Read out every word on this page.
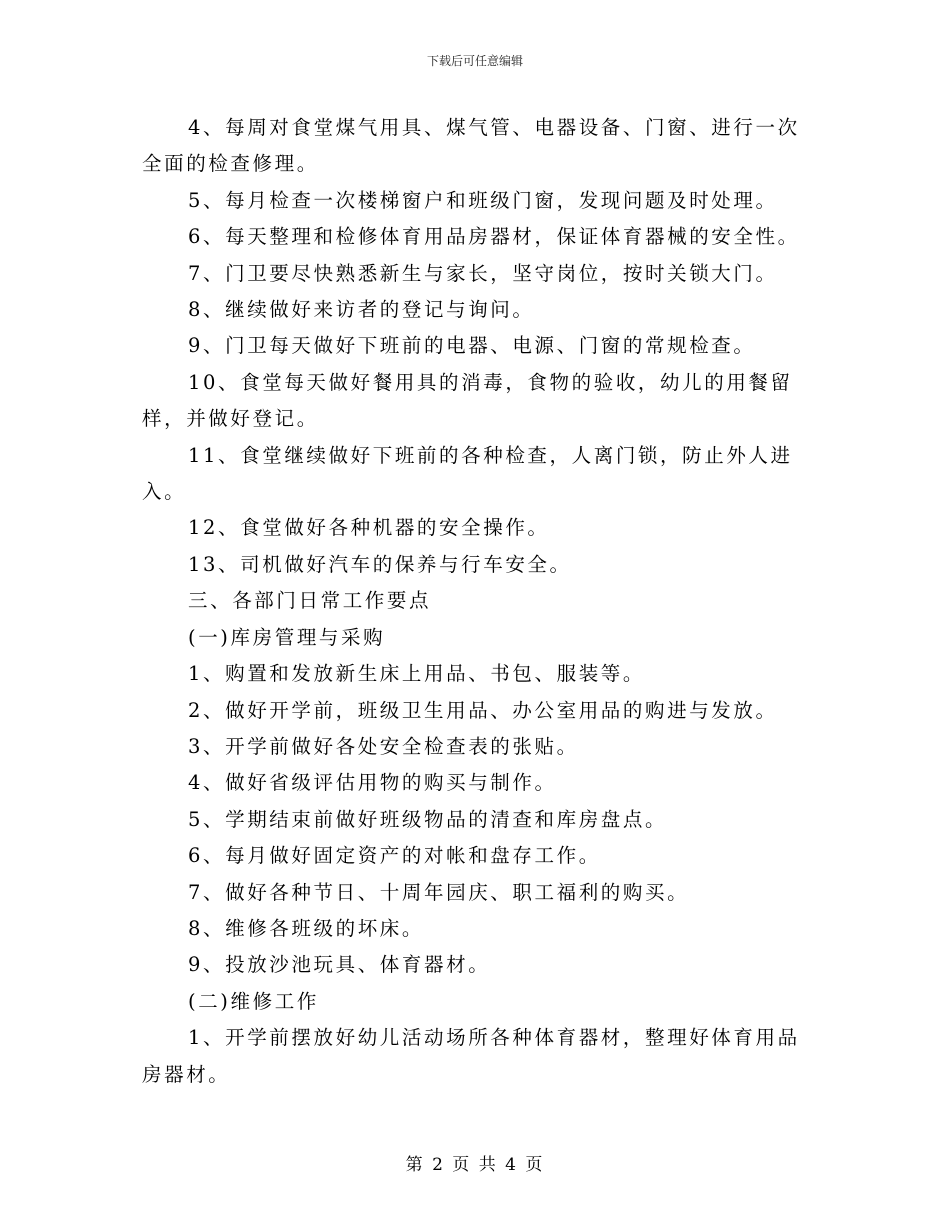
下载后可任意编辑

4、每周对食堂煤气用具、煤气管、电器设备、门窗、进行一次全面的检查修理。

5、每月检查一次楼梯窗户和班级门窗，发现问题及时处理。

6、每天整理和检修体育用品房器材，保证体育器械的安全性。

7、门卫要尽快熟悉新生与家长，坚守岗位，按时关锁大门。

8、继续做好来访者的登记与询问。

9、门卫每天做好下班前的电器、电源、门窗的常规检查。

10、食堂每天做好餐用具的消毒，食物的验收，幼儿的用餐留样，并做好登记。

11、食堂继续做好下班前的各种检查，人离门锁，防止外人进入。

12、食堂做好各种机器的安全操作。

13、司机做好汽车的保养与行车安全。

三、各部门日常工作要点

(一)库房管理与采购

1、购置和发放新生床上用品、书包、服装等。

2、做好开学前，班级卫生用品、办公室用品的购进与发放。

3、开学前做好各处安全检查表的张贴。

4、做好省级评估用物的购买与制作。

5、学期结束前做好班级物品的清查和库房盘点。

6、每月做好固定资产的对帐和盘存工作。

7、做好各种节日、十周年园庆、职工福利的购买。

8、维修各班级的坏床。

9、投放沙池玩具、体育器材。

(二)维修工作

1、开学前摆放好幼儿活动场所各种体育器材，整理好体育用品房器材。

第 2 页 共 4 页
